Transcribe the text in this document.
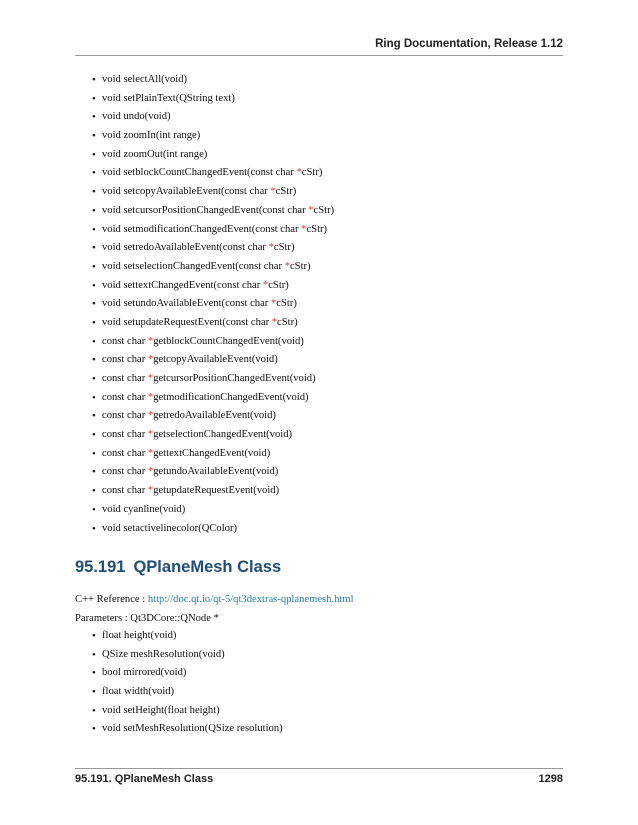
Ring Documentation, Release 1.12
• void selectAll(void)
• void setPlainText(QString text)
• void undo(void)
• void zoomIn(int range)
• void zoomOut(int range)
• void setblockCountChangedEvent(const char *cStr)
• void setcopyAvailableEvent(const char *cStr)
• void setcursorPositionChangedEvent(const char *cStr)
• void setmodificationChangedEvent(const char *cStr)
• void setredoAvailableEvent(const char *cStr)
• void setselectionChangedEvent(const char *cStr)
• void settextChangedEvent(const char *cStr)
• void setundoAvailableEvent(const char *cStr)
• void setupdateRequestEvent(const char *cStr)
• const char *getblockCountChangedEvent(void)
• const char *getcopyAvailableEvent(void)
• const char *getcursorPositionChangedEvent(void)
• const char *getmodificationChangedEvent(void)
• const char *getredoAvailableEvent(void)
• const char *getselectionChangedEvent(void)
• const char *gettextChangedEvent(void)
• const char *getundoAvailableEvent(void)
• const char *getupdateRequestEvent(void)
• void cyanline(void)
• void setactivelinecolor(QColor)
95.191 QPlaneMesh Class
C++ Reference : http://doc.qt.io/qt-5/qt3dextras-qplanemesh.html
Parameters : Qt3DCore::QNode *
• float height(void)
• QSize meshResolution(void)
• bool mirrored(void)
• float width(void)
• void setHeight(float height)
• void setMeshResolution(QSize resolution)
95.191. QPlaneMesh Class	1298
